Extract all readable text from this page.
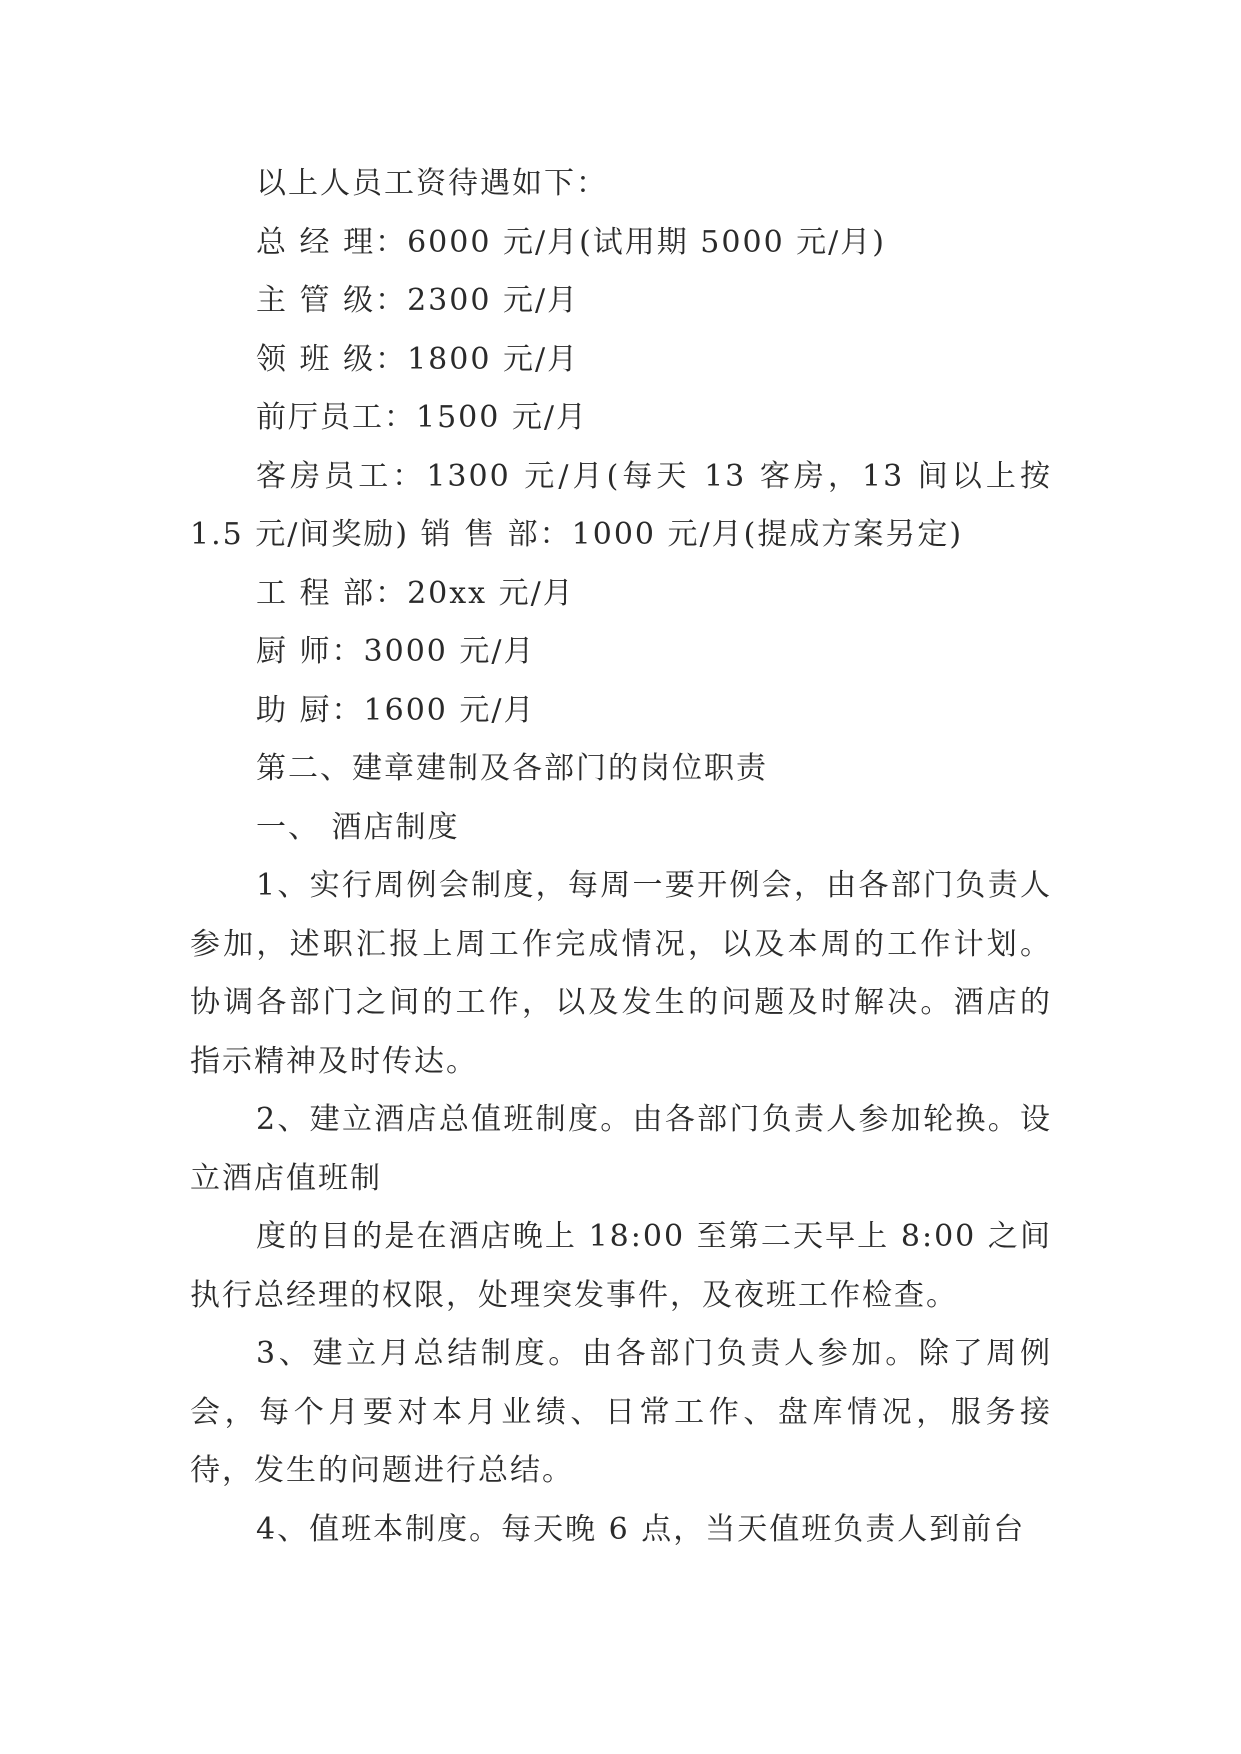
以上人员工资待遇如下：

总 经 理：6000 元/月(试用期 5000 元/月)

主 管 级：2300 元/月

领 班 级：1800 元/月

前厅员工：1500 元/月

客房员工：1300 元/月(每天 13 客房，13 间以上按 1.5 元/间奖励) 销 售 部：1000 元/月(提成方案另定)

工 程 部：20xx 元/月

厨 师：3000 元/月

助 厨：1600 元/月

第二、建章建制及各部门的岗位职责

一、 酒店制度

1、实行周例会制度，每周一要开例会，由各部门负责人参加，述职汇报上周工作完成情况，以及本周的工作计划。协调各部门之间的工作，以及发生的问题及时解决。酒店的指示精神及时传达。

2、建立酒店总值班制度。由各部门负责人参加轮换。设立酒店值班制

度的目的是在酒店晚上 18:00 至第二天早上 8:00 之间执行总经理的权限，处理突发事件，及夜班工作检查。

3、建立月总结制度。由各部门负责人参加。除了周例会，每个月要对本月业绩、日常工作、盘库情况，服务接待，发生的问题进行总结。

4、值班本制度。每天晚 6 点，当天值班负责人到前台
